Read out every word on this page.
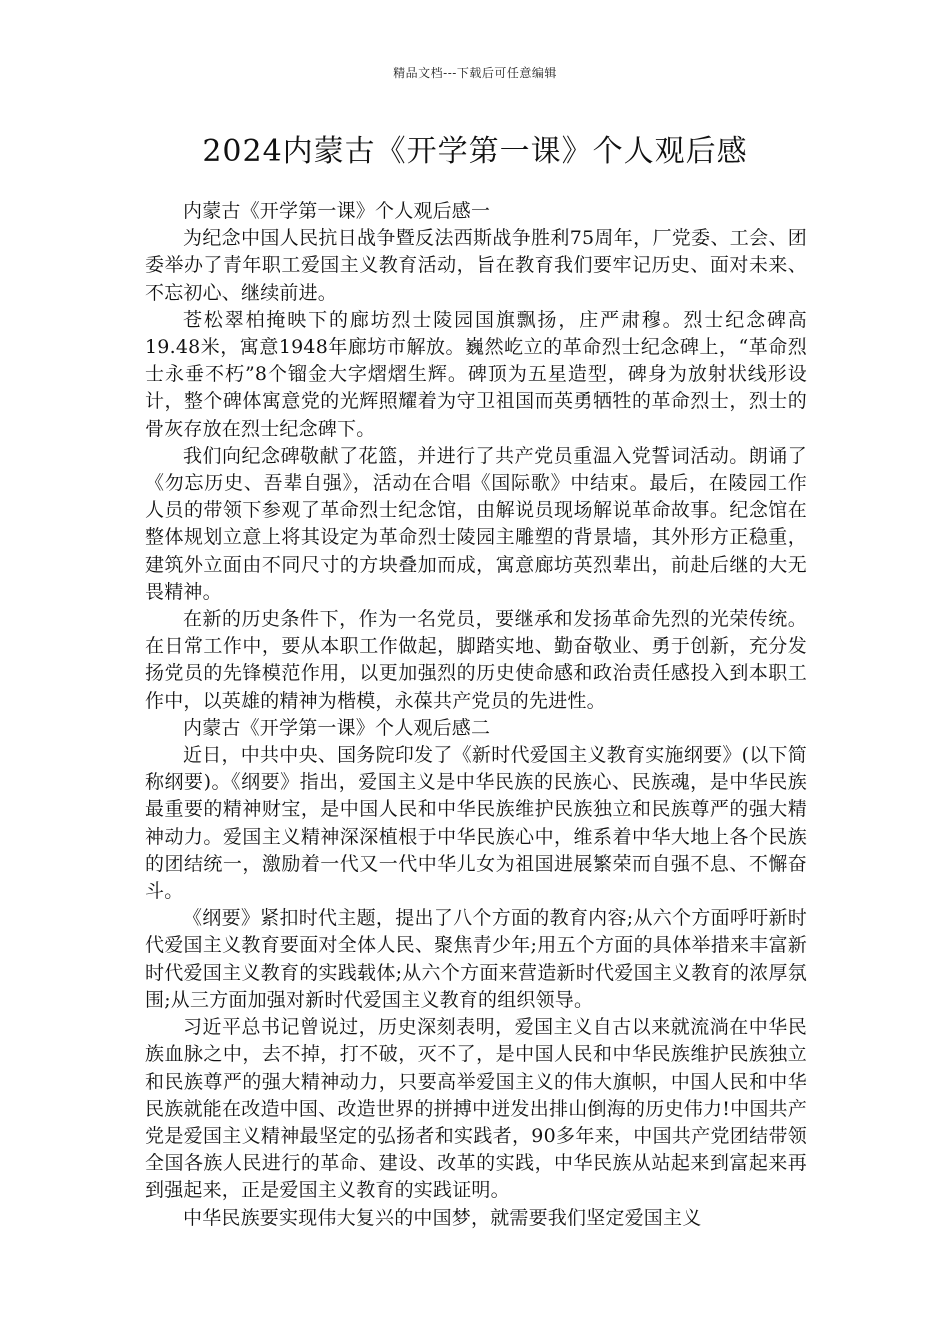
精品文档---下载后可任意编辑
2024内蒙古《开学第一课》个人观后感

内蒙古《开学第一课》个人观后感一

为纪念中国人民抗日战争暨反法西斯战争胜利75周年，厂党委、工会、团委举办了青年职工爱国主义教育活动，旨在教育我们要牢记历史、面对未来、不忘初心、继续前进。

苍松翠柏掩映下的廊坊烈士陵园国旗飘扬，庄严肃穆。烈士纪念碑高19.48米，寓意1948年廊坊市解放。巍然屹立的革命烈士纪念碑上，“革命烈士永垂不朽”8个镏金大字熠熠生辉。碑顶为五星造型，碑身为放射状线形设计，整个碑体寓意党的光辉照耀着为守卫祖国而英勇牺牲的革命烈士，烈士的骨灰存放在烈士纪念碑下。

我们向纪念碑敬献了花篮，并进行了共产党员重温入党誓词活动。朗诵了《勿忘历史、吾辈自强》，活动在合唱《国际歌》中结束。最后，在陵园工作人员的带领下参观了革命烈士纪念馆，由解说员现场解说革命故事。纪念馆在整体规划立意上将其设定为革命烈士陵园主雕塑的背景墙，其外形方正稳重，建筑外立面由不同尺寸的方块叠加而成，寓意廊坊英烈辈出，前赴后继的大无畏精神。

在新的历史条件下，作为一名党员，要继承和发扬革命先烈的光荣传统。在日常工作中，要从本职工作做起，脚踏实地、勤奋敬业、勇于创新，充分发扬党员的先锋模范作用，以更加强烈的历史使命感和政治责任感投入到本职工作中，以英雄的精神为楷模，永葆共产党员的先进性。

内蒙古《开学第一课》个人观后感二

近日，中共中央、国务院印发了《新时代爱国主义教育实施纲要》(以下简称纲要)。《纲要》指出，爱国主义是中华民族的民族心、民族魂，是中华民族最重要的精神财宝，是中国人民和中华民族维护民族独立和民族尊严的强大精神动力。爱国主义精神深深植根于中华民族心中，维系着中华大地上各个民族的团结统一，激励着一代又一代中华儿女为祖国进展繁荣而自强不息、不懈奋斗。

《纲要》紧扣时代主题，提出了八个方面的教育内容;从六个方面呼吁新时代爱国主义教育要面对全体人民、聚焦青少年;用五个方面的具体举措来丰富新时代爱国主义教育的实践载体;从六个方面来营造新时代爱国主义教育的浓厚氛围;从三方面加强对新时代爱国主义教育的组织领导。

习近平总书记曾说过，历史深刻表明，爱国主义自古以来就流淌在中华民族血脉之中，去不掉，打不破，灭不了，是中国人民和中华民族维护民族独立和民族尊严的强大精神动力，只要高举爱国主义的伟大旗帜，中国人民和中华民族就能在改造中国、改造世界的拼搏中迸发出排山倒海的历史伟力!中国共产党是爱国主义精神最坚定的弘扬者和实践者，90多年来，中国共产党团结带领全国各族人民进行的革命、建设、改革的实践，中华民族从站起来到富起来再到强起来，正是爱国主义教育的实践证明。

中华民族要实现伟大复兴的中国梦，就需要我们坚定爱国主义
